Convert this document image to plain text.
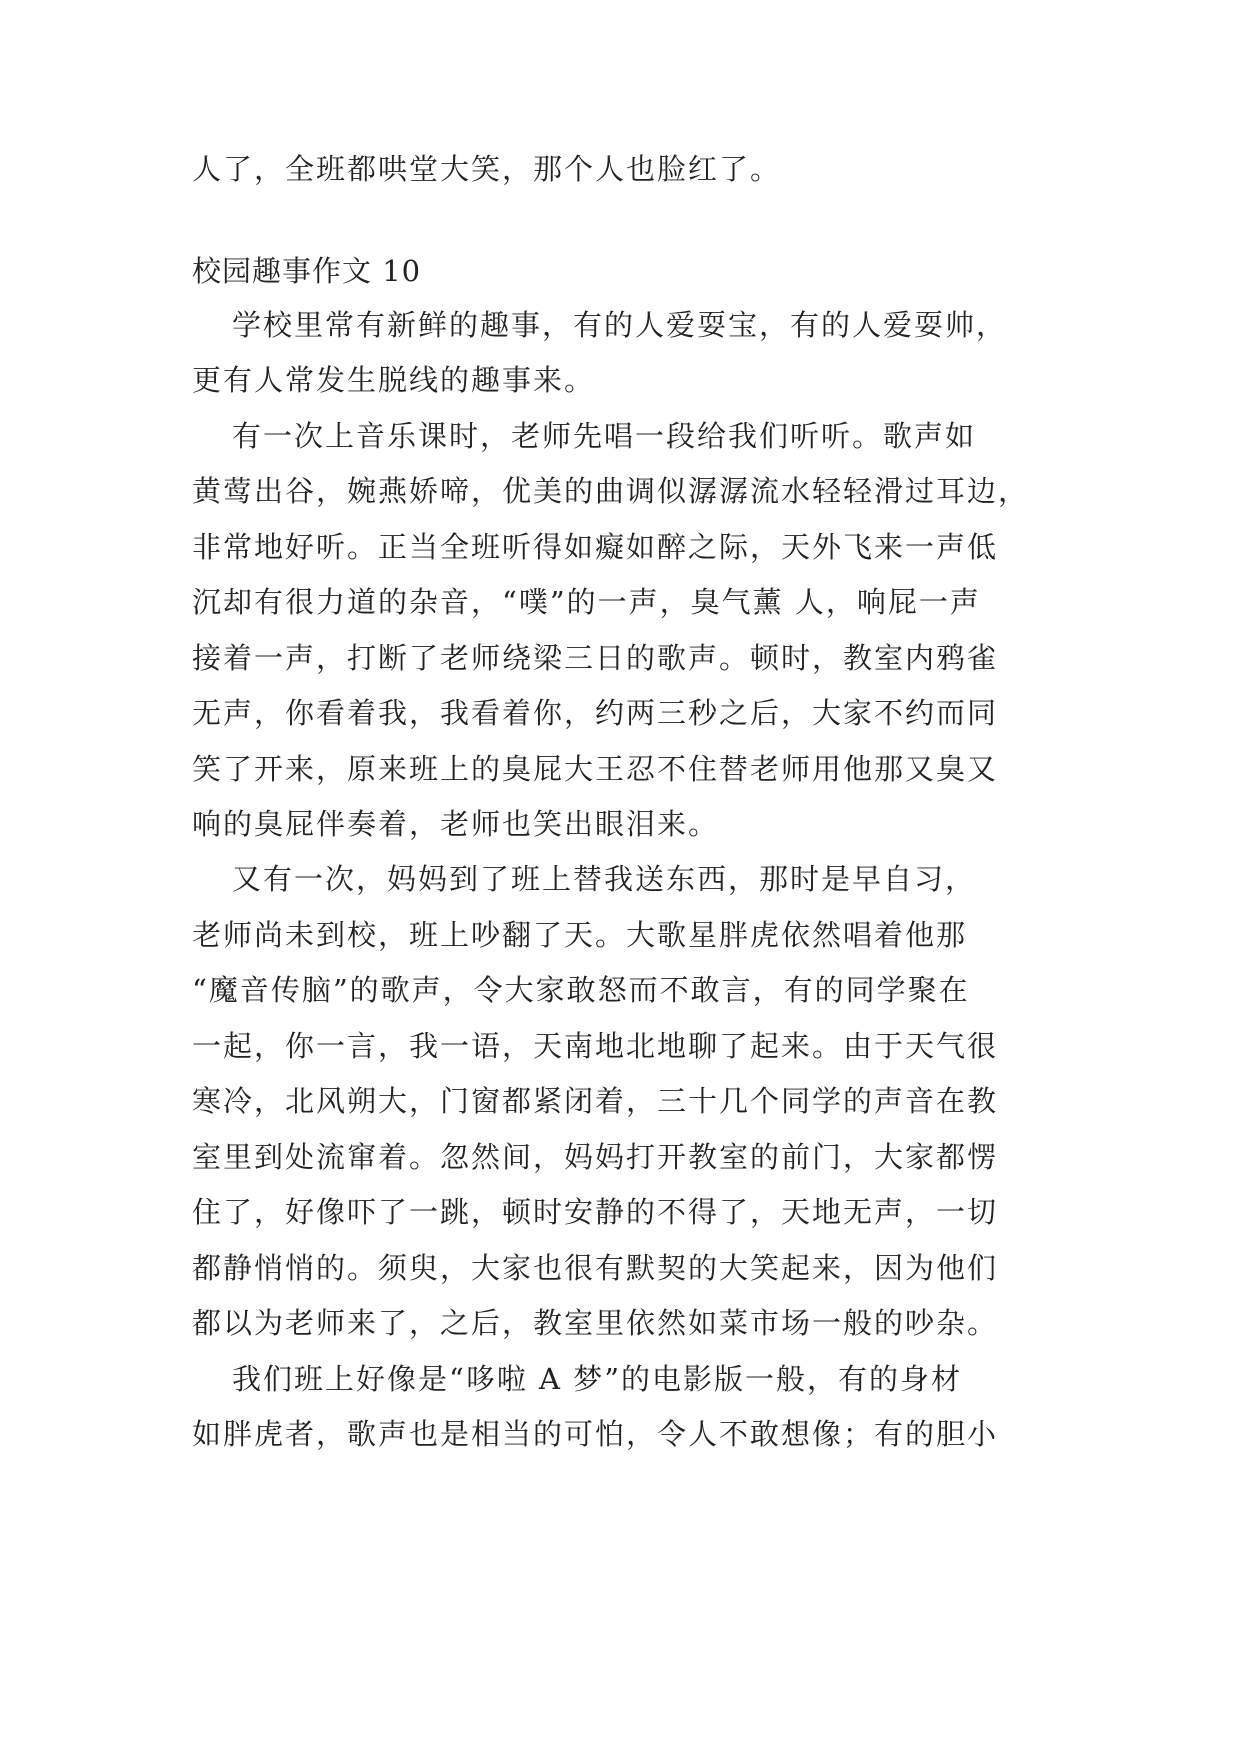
人了，全班都哄堂大笑，那个人也脸红了。

校园趣事作文 10

学校里常有新鲜的趣事，有的人爱耍宝，有的人爱耍帅，

更有人常发生脱线的趣事来。

有一次上音乐课时，老师先唱一段给我们听听。歌声如

黄莺出谷，婉燕娇啼，优美的曲调似潺潺流水轻轻滑过耳边，

非常地好听。正当全班听得如癡如醉之际，天外飞来一声低

沉却有很力道的杂音，“噗”的一声，臭气薰 人，响屁一声

接着一声，打断了老师绕梁三日的歌声。顿时，教室内鸦雀

无声，你看着我，我看着你，约两三秒之后，大家不约而同

笑了开来，原来班上的臭屁大王忍不住替老师用他那又臭又

响的臭屁伴奏着，老师也笑出眼泪来。

又有一次，妈妈到了班上替我送东西，那时是早自习，

老师尚未到校，班上吵翻了天。大歌星胖虎依然唱着他那

“魔音传脑”的歌声，令大家敢怒而不敢言，有的同学聚在

一起，你一言，我一语，天南地北地聊了起来。由于天气很

寒冷，北风朔大，门窗都紧闭着，三十几个同学的声音在教

室里到处流窜着。忽然间，妈妈打开教室的前门，大家都愣

住了，好像吓了一跳，顿时安静的不得了，天地无声，一切

都静悄悄的。须臾，大家也很有默契的大笑起来，因为他们

都以为老师来了，之后，教室里依然如菜市场一般的吵杂。

我们班上好像是“哆啦 A 梦”的电影版一般，有的身材

如胖虎者，歌声也是相当的可怕，令人不敢想像；有的胆小
